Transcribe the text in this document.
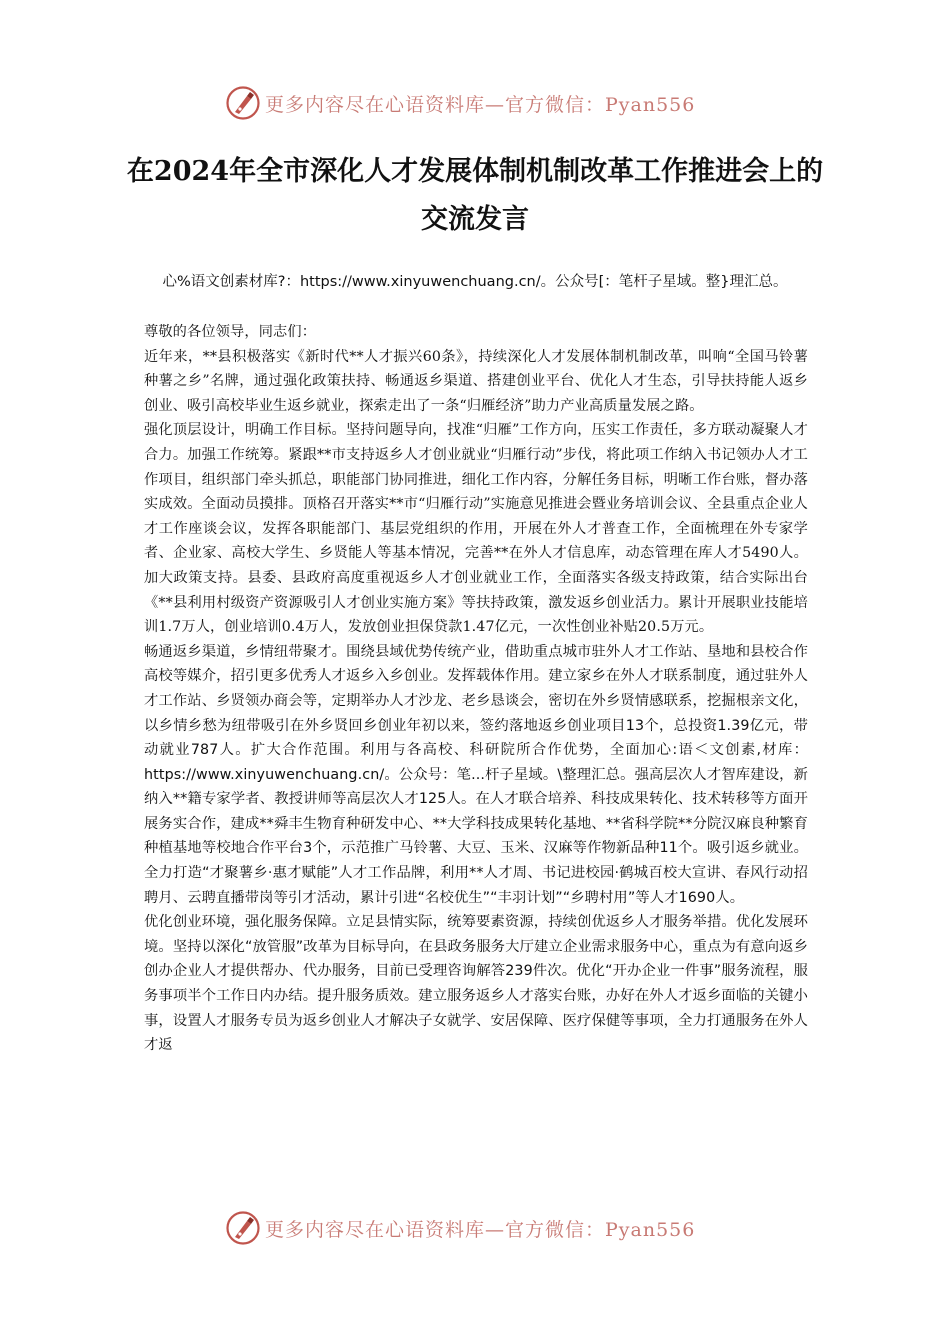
更多内容尽在心语资料库—官方微信：Pyan556
在2024年全市深化人才发展体制机制改革工作推进会上的交流发言
心%语文创素材库?：https://www.xinyuwenchuang.cn/。公众号[：笔杆子星域。整}理汇总。

尊敬的各位领导，同志们：

近年来，**县积极落实《新时代**人才振兴60条》，持续深化人才发展体制机制改革，叫响“全国马铃薯种薯之乡”名牌，通过强化政策扶持、畅通返乡渠道、搭建创业平台、优化人才生态，引导扶持能人返乡创业、吸引高校毕业生返乡就业，探索走出了一条“归雁经济”助力产业高质量发展之路。

强化顶层设计，明确工作目标。坚持问题导向，找准“归雁”工作方向，压实工作责任，多方联动凝聚人才合力。加强工作统筹。紧跟**市支持返乡人才创业就业“归雁行动”步伐，将此项工作纳入书记领办人才工作项目，组织部门牵头抓总，职能部门协同推进，细化工作内容，分解任务目标，明晰工作台账，督办落实成效。全面动员摸排。顶格召开落实**市“归雁行动”实施意见推进会暨业务培训会议、全县重点企业人才工作座谈会议，发挥各职能部门、基层党组织的作用，开展在外人才普查工作，全面梳理在外专家学者、企业家、高校大学生、乡贤能人等基本情况，完善**在外人才信息库，动态管理在库人才5490人。加大政策支持。县委、县政府高度重视返乡人才创业就业工作，全面落实各级支持政策，结合实际出台《**县利用村级资产资源吸引人才创业实施方案》等扶持政策，激发返乡创业活力。累计开展职业技能培训1.7万人，创业培训0.4万人，发放创业担保贷款1.47亿元，一次性创业补贴20.5万元。

畅通返乡渠道，乡情纽带聚才。围绕县域优势传统产业，借助重点城市驻外人才工作站、垦地和县校合作高校等媒介，招引更多优秀人才返乡入乡创业。发挥载体作用。建立家乡在外人才联系制度，通过驻外人才工作站、乡贤领办商会等，定期举办人才沙龙、老乡恳谈会，密切在外乡贤情感联系，挖掘根亲文化，以乡情乡愁为纽带吸引在外乡贤回乡创业年初以来，签约落地返乡创业项目13个，总投资1.39亿元，带动就业787人。扩大合作范围。利用与各高校、科研院所合作优势，全面加心:语＜文创素,材库：https://www.xinyuwenchuang.cn/。公众号：笔...杆子星域。\整理汇总。强高层次人才智库建设，新纳入**籍专家学者、教授讲师等高层次人才125人。在人才联合培养、科技成果转化、技术转移等方面开展务实合作，建成**舜丰生物育种研发中心、**大学科技成果转化基地、**省科学院**分院汉麻良种繁育种植基地等校地合作平台3个，示范推广马铃薯、大豆、玉米、汉麻等作物新品种11个。吸引返乡就业。全力打造“才聚薯乡·惠才赋能”人才工作品牌，利用**人才周、书记进校园·鹤城百校大宣讲、春风行动招聘月、云聘直播带岗等引才活动，累计引进“名校优生”“丰羽计划”“乡聘村用”等人才1690人。

优化创业环境，强化服务保障。立足县情实际，统筹要素资源，持续创优返乡人才服务举措。优化发展环境。坚持以深化“放管服”改革为目标导向，在县政务服务大厅建立企业需求服务中心，重点为有意向返乡创办企业人才提供帮办、代办服务，目前已受理咨询解答239件次。优化“开办企业一件事”服务流程，服务事项半个工作日内办结。提升服务质效。建立服务返乡人才落实台账，办好在外人才返乡面临的关键小事，设置人才服务专员为返乡创业人才解决子女就学、安居保障、医疗保健等事项，全力打通服务在外人才返

更多内容尽在心语资料库—官方微信：Pyan556
